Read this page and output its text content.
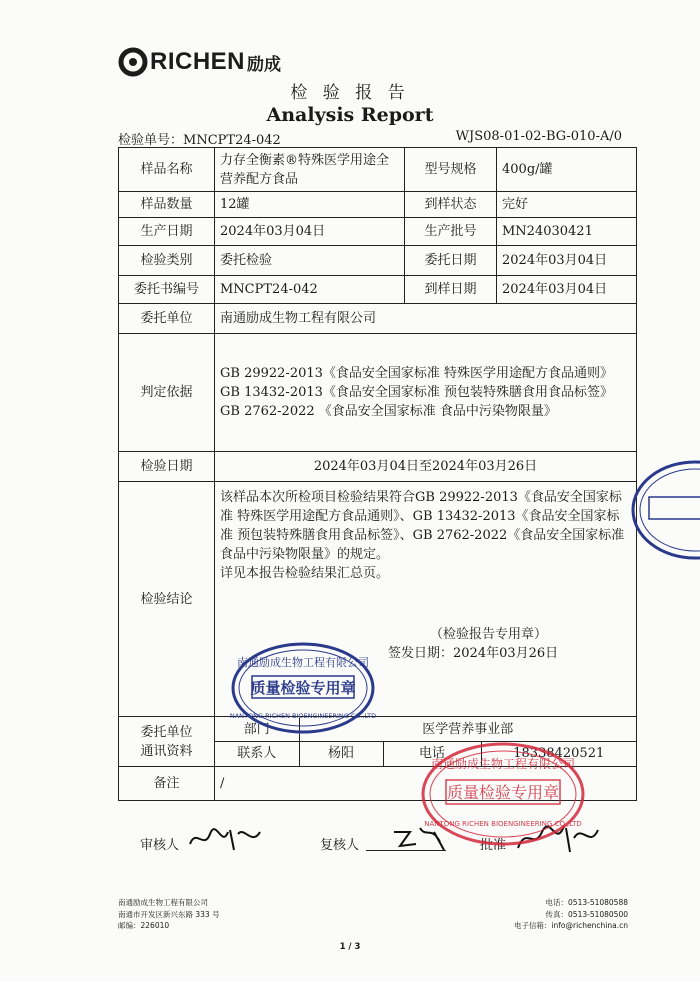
RICHEN 励成
检 验 报 告
Analysis Report
检验单号：MNCPT24-042	WJS08-01-02-BG-010-A/0
样品名称	力存全衡素®特殊医学用途全营养配方食品	型号规格	400g/罐
样品数量	12罐	到样状态	完好
生产日期	2024年03月04日	生产批号	MN24030421
检验类别	委托检验	委托日期	2024年03月04日
委托书编号	MNCPT24-042	到样日期	2024年03月04日
委托单位	南通励成生物工程有限公司
判定依据	
GB 29922-2013《食品安全国家标准 特殊医学用途配方食品通则》
GB 13432-2013《食品安全国家标准 预包装特殊膳食用食品标签》
GB 2762-2022 《食品安全国家标准 食品中污染物限量》

检验日期	2024年03月04日至2024年03月26日
检验结论	
该样品本次所检项目检验结果符合GB 29922-2013《食品安全国家标准 特殊医学用途配方食品通则》、GB 13432-2013《食品安全国家标准 预包装特殊膳食用食品标签》、GB 2762-2022《食品安全国家标准 食品中污染物限量》的规定。
详见本报告检验结果汇总页。
（检验报告专用章）
签发日期：2024年03月26日

委托单位
通讯资料

部门	医学营养事业部
联系人	杨阳	电话	18338420521

备注	/
审核人	复核人	批准
质量检验专用章
南通励成生物工程有限公司
NANTONG RICHEN BIOENGINEERING CO.,LTD
质量检验专用章
南通励成生物工程有限公司
NANTONG RICHEN BIOENGINEERING CO.,LTD
南通励成生物工程有限公司
南通市开发区新兴东路 333 号
邮编：226010
电话：0513-51080588
传真：0513-51080500
电子信箱：info@richenchina.cn
1 / 3
